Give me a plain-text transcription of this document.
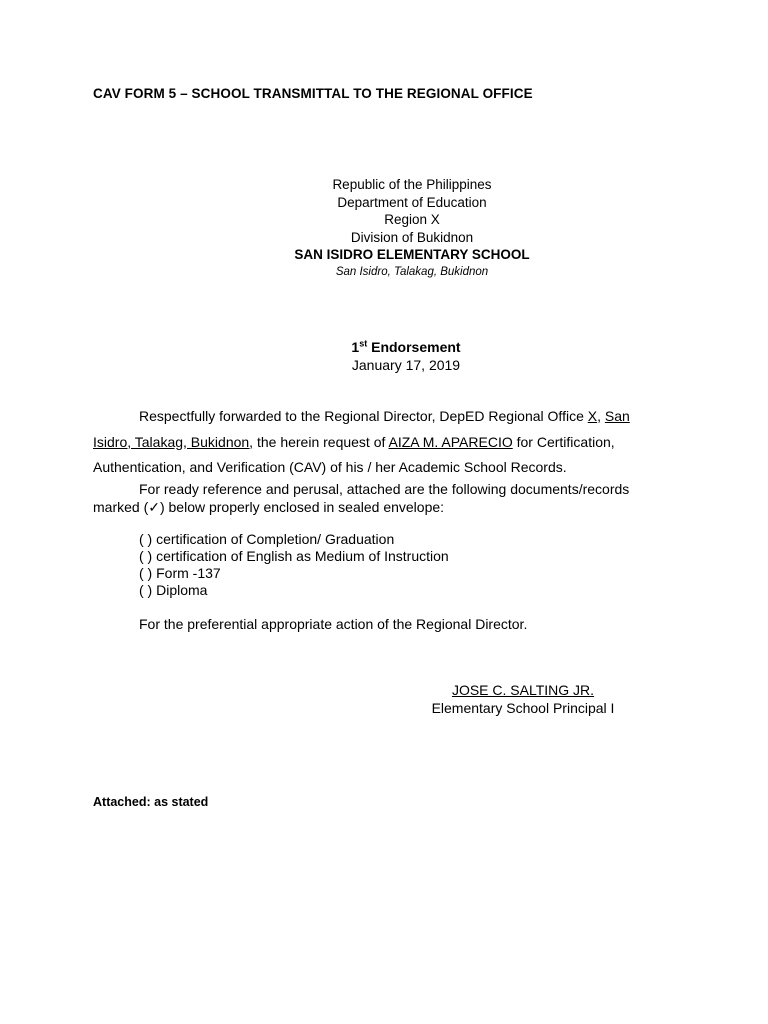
CAV FORM 5 – SCHOOL TRANSMITTAL TO THE REGIONAL OFFICE
Republic of the Philippines
Department of Education
Region X
Division of Bukidnon
SAN ISIDRO ELEMENTARY SCHOOL
San Isidro, Talakag, Bukidnon
1st Endorsement
January 17, 2019
Respectfully forwarded to the Regional Director, DepED Regional Office X, San
Isidro, Talakag, Bukidnon, the herein request of AIZA M. APARECIO for Certification,
Authentication, and Verification (CAV) of his / her Academic School Records.
For ready reference and perusal, attached are the following documents/records
marked (✓) below properly enclosed in sealed envelope:
( ) certification of Completion/ Graduation
( ) certification of English as Medium of Instruction
( ) Form -137
( ) Diploma
For the preferential appropriate action of the Regional Director.
JOSE C. SALTING JR.
Elementary School Principal I
Attached: as stated
